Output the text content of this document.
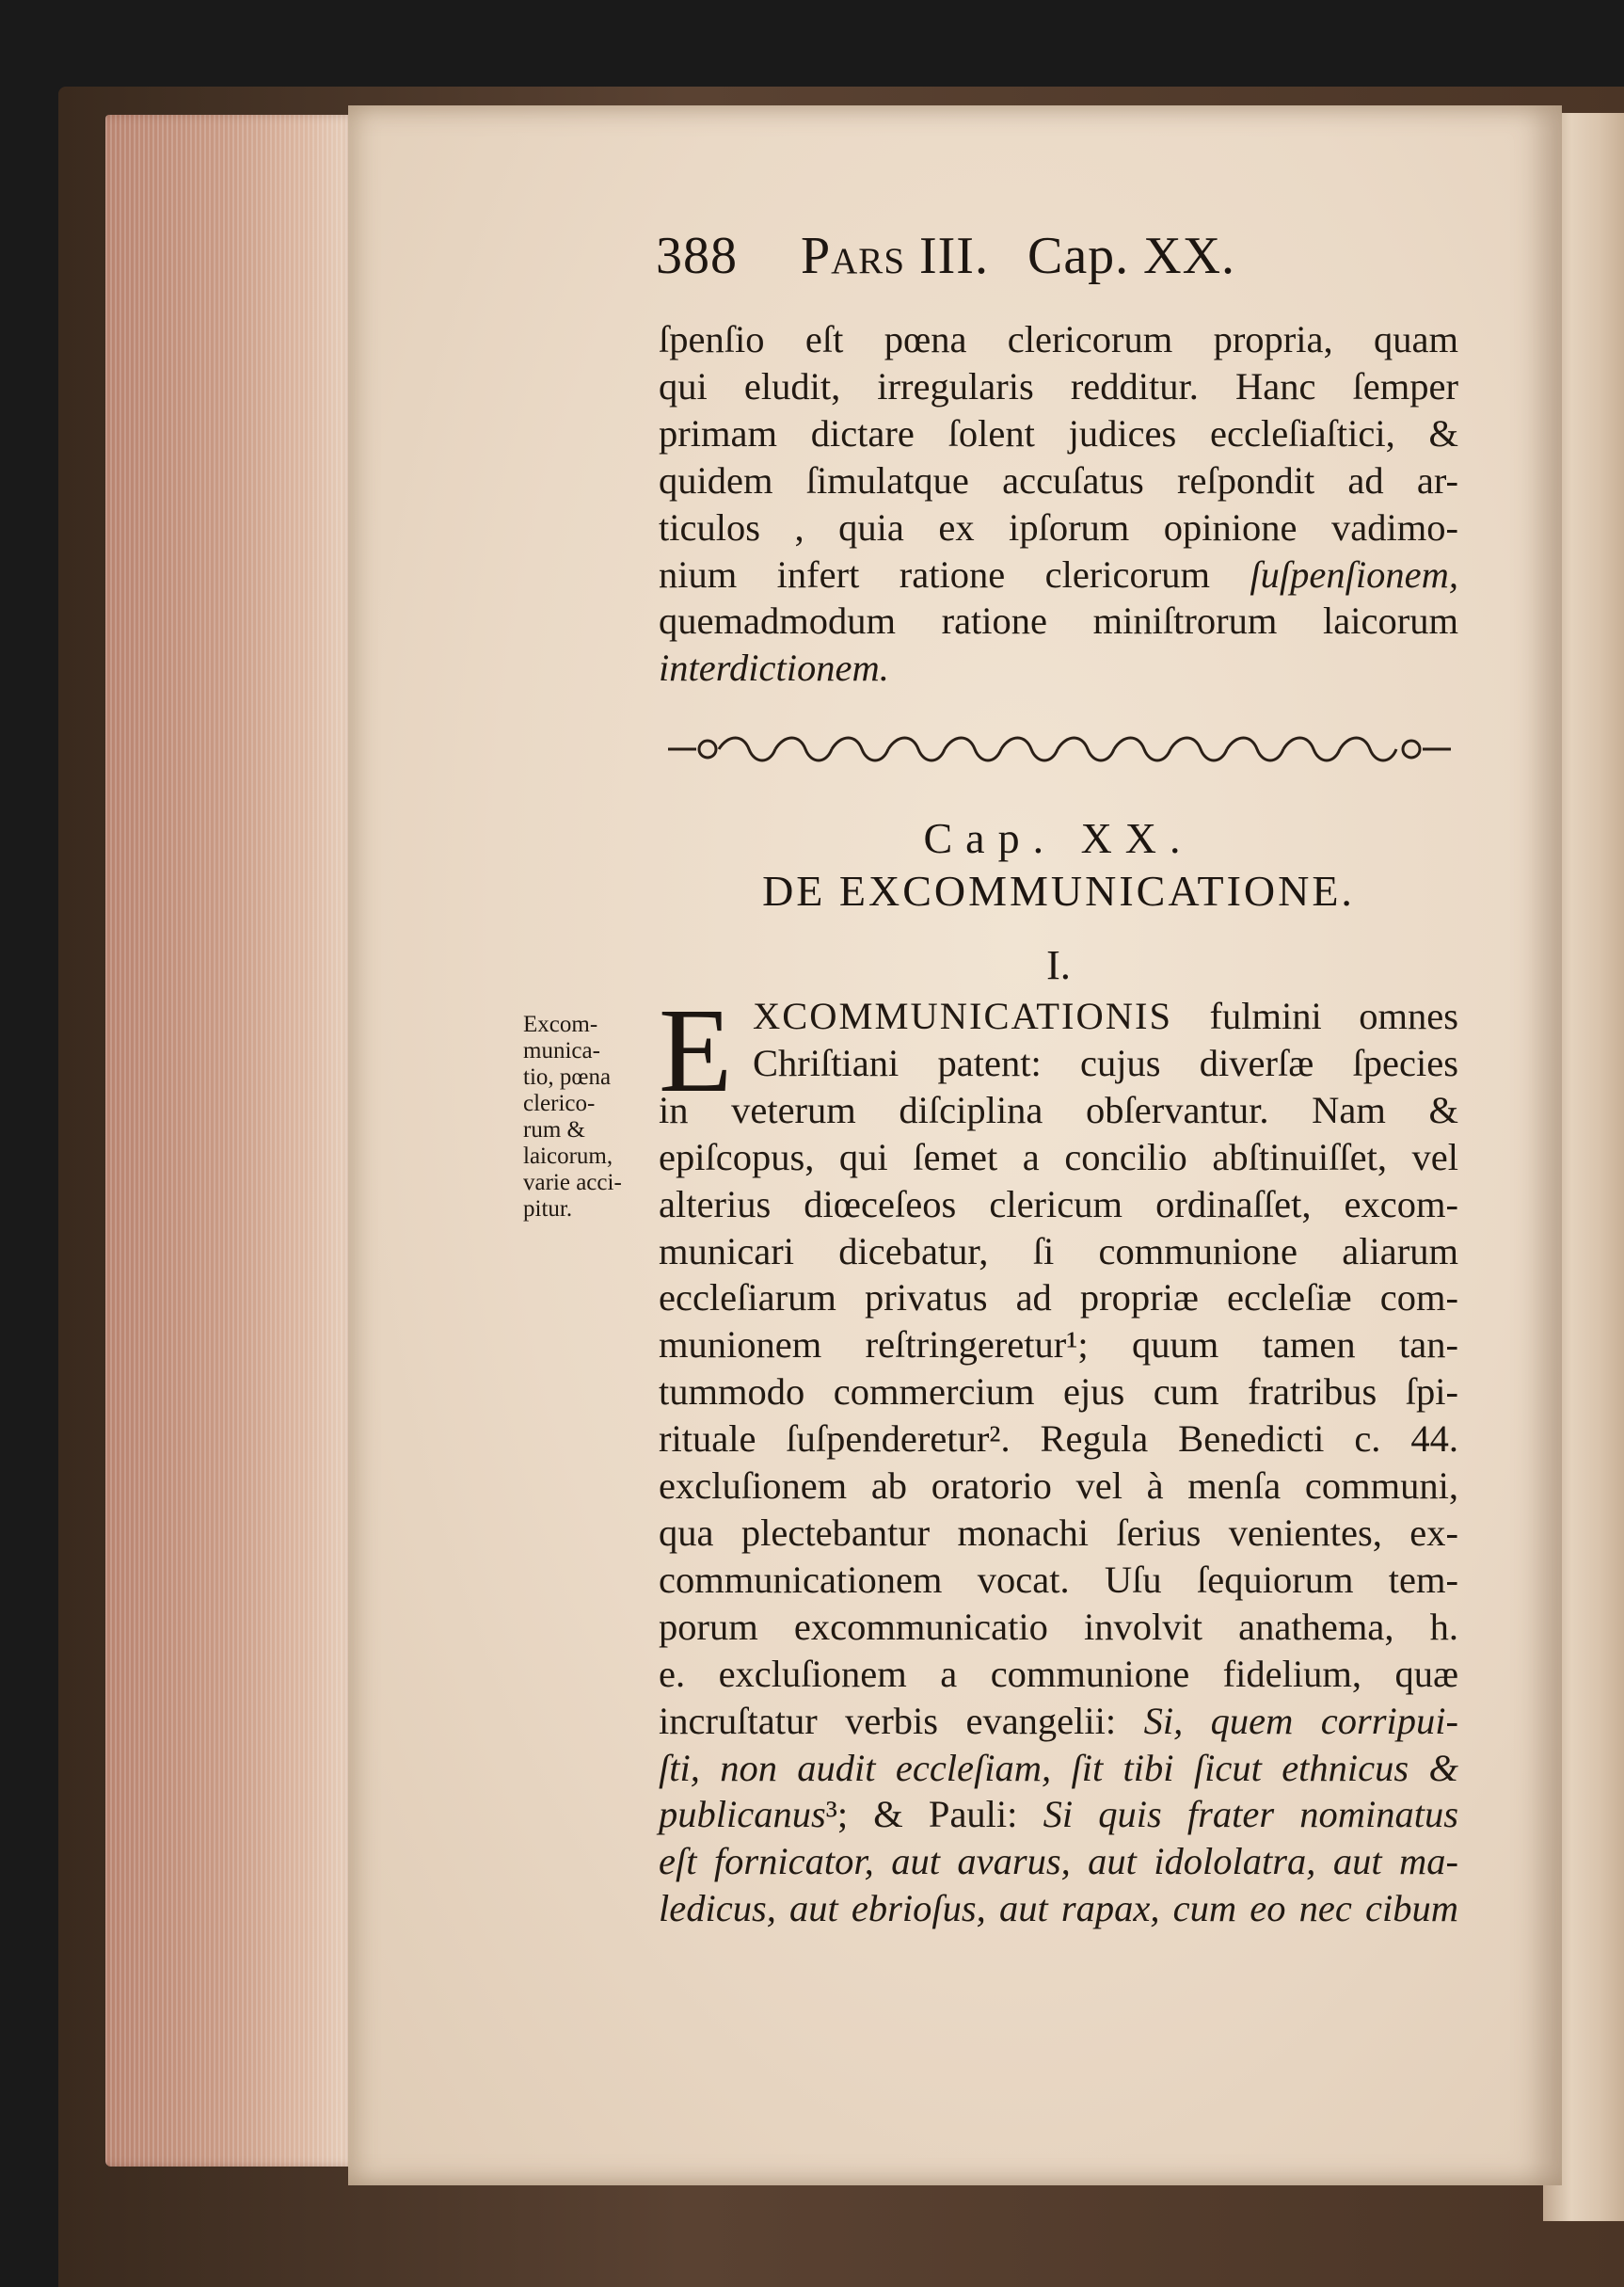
388 Pars III. Cap. XX.
ſpenſio eſt pœna clericorum propria, quam
qui eludit, irregularis redditur. Hanc ſemper
primam dictare ſolent judices eccleſiaſtici, &
quidem ſimulatque accuſatus reſpondit ad ar-
ticulos , quia ex ipſorum opinione vadimo-
nium infert ratione clericorum ſuſpenſionem,
quemadmodum ratione miniſtrorum laicorum
interdictionem.
Cap. XX.
DE EXCOMMUNICATIONE.
I.
Excom-
munica-
tio, pœna
clerico-
rum &
laicorum,
varie acci-
pitur.
E XCOMMUNICATIONIS fulmini omnes
Chriſtiani patent: cujus diverſæ ſpecies
in veterum diſciplina obſervantur. Nam &
epiſcopus, qui ſemet a concilio abſtinuiſſet, vel
alterius diœceſeos clericum ordinaſſet, excom-
municari dicebatur, ſi communione aliarum
eccleſiarum privatus ad propriæ eccleſiæ com-
munionem reſtringeretur¹; quum tamen tan-
tummodo commercium ejus cum fratribus ſpi-
rituale ſuſpenderetur². Regula Benedicti c. 44.
excluſionem ab oratorio vel à menſa communi,
qua plectebantur monachi ſerius venientes, ex-
communicationem vocat. Uſu ſequiorum tem-
porum excommunicatio involvit anathema, h.
e. excluſionem a communione fidelium, quæ
incruſtatur verbis evangelii: Si, quem corripui-
ſti, non audit eccleſiam, ſit tibi ſicut ethnicus &
publicanus³; & Pauli: Si quis frater nominatus
eſt fornicator, aut avarus, aut idololatra, aut ma-
ledicus, aut ebrioſus, aut rapax, cum eo nec cibum
